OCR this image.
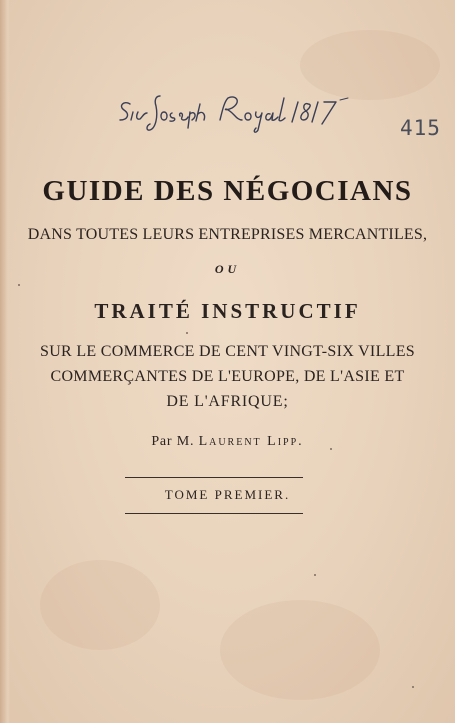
415
GUIDE DES NÉGOCIANS
DANS TOUTES LEURS ENTREPRISES MERCANTILES,
OU
TRAITÉ INSTRUCTIF
SUR LE COMMERCE DE CENT VINGT-SIX VILLES
COMMERÇANTES DE L'EUROPE, DE L'ASIE ET
DE L'AFRIQUE;
Par M. Laurent Lipp.
TOME PREMIER.
